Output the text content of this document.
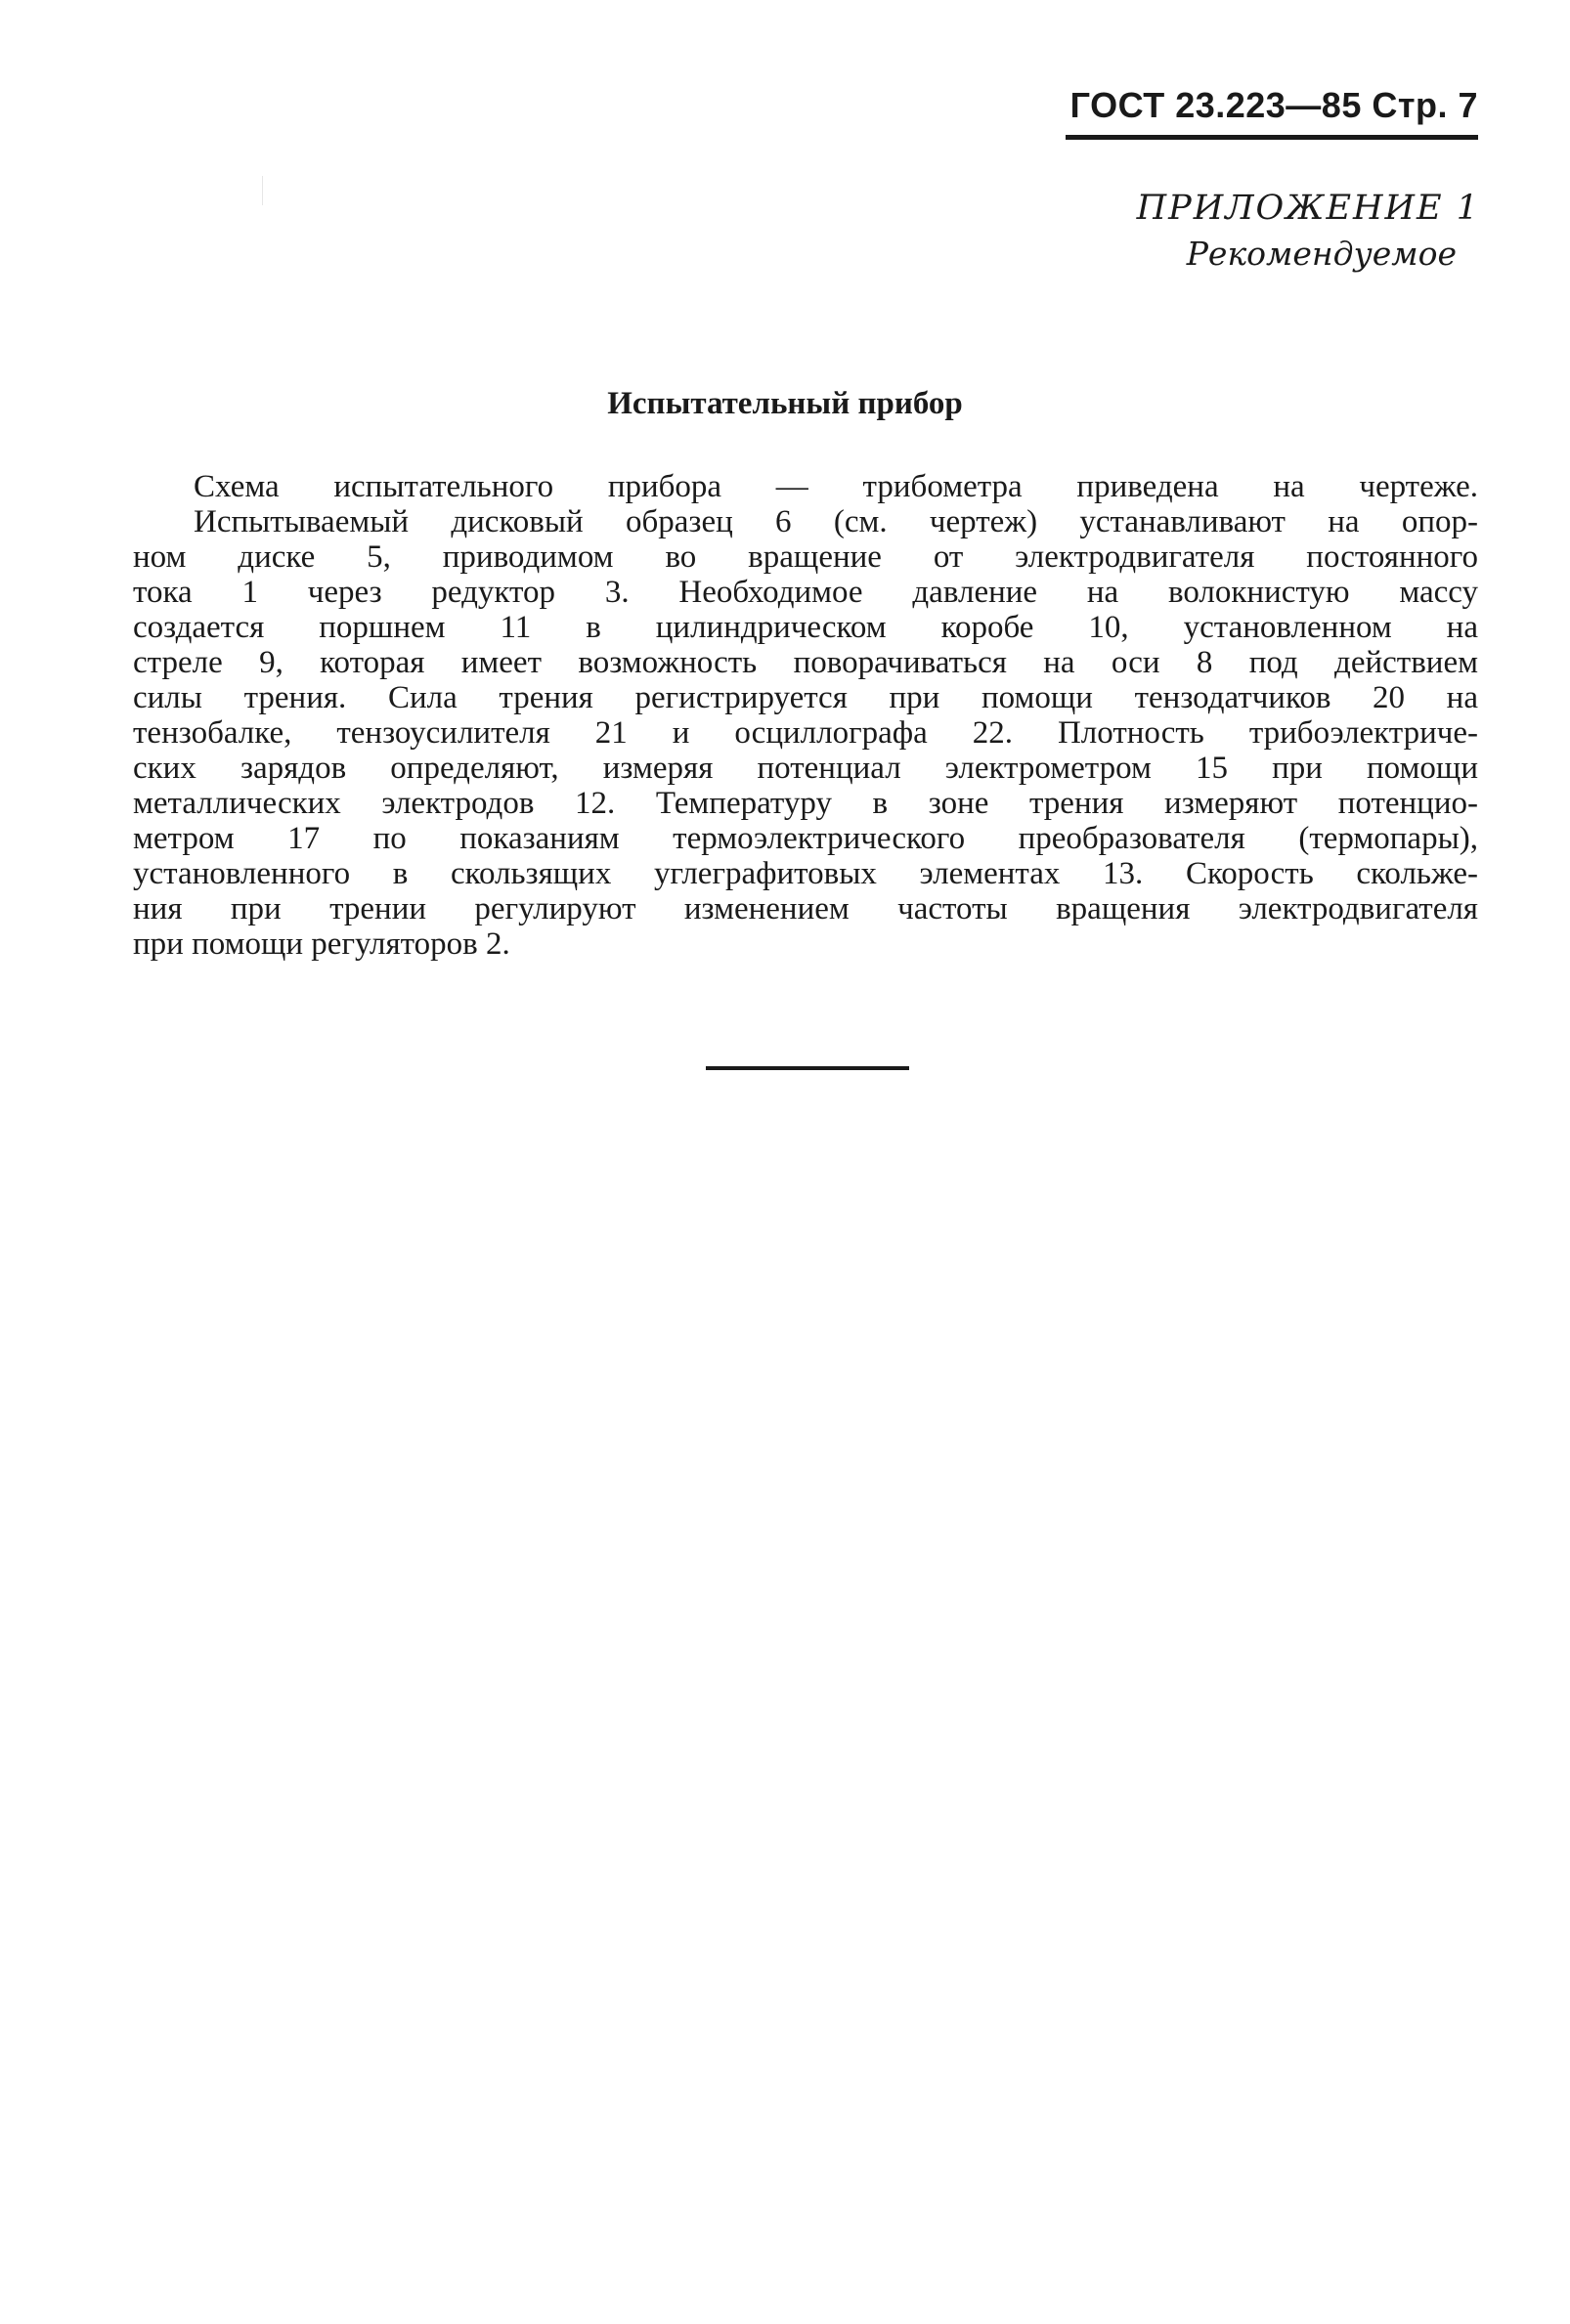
ГОСТ 23.223—85 Стр. 7
ПРИЛОЖЕНИЕ 1
Рекомендуемое
Испытательный прибор
Схема испытательного прибора — трибометра приведена на чертеже.
Испытываемый дисковый образец 6 (см. чертеж) устанавливают на опор-
ном диске 5, приводимом во вращение от электродвигателя постоянного
тока 1 через редуктор 3. Необходимое давление на волокнистую массу
создается поршнем 11 в цилиндрическом коробе 10, установленном на
стреле 9, которая имеет возможность поворачиваться на оси 8 под действием
силы трения. Сила трения регистрируется при помощи тензодатчиков 20 на
тензобалке, тензоусилителя 21 и осциллографа 22. Плотность трибоэлектриче-
ских зарядов определяют, измеряя потенциал электрометром 15 при помощи
металлических электродов 12. Температуру в зоне трения измеряют потенцио-
метром 17 по показаниям термоэлектрического преобразователя (термопары),
установленного в скользящих углеграфитовых элементах 13. Скорость скольже-
ния при трении регулируют изменением частоты вращения электродвигателя
при помощи регуляторов 2.
